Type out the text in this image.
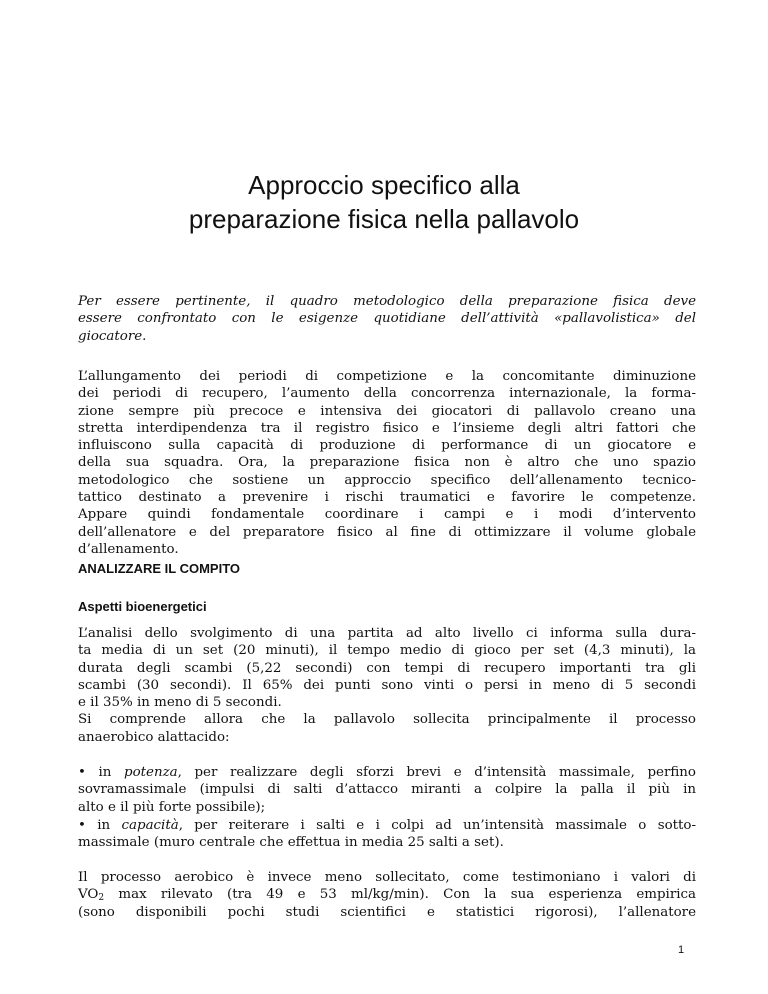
Approccio specifico alla
preparazione fisica nella pallavolo
Per essere pertinente, il quadro metodologico della preparazione fisica deve
essere confrontato con le esigenze quotidiane dell’attività «pallavolistica» del
giocatore.
L’allungamento dei periodi di competizione e la concomitante diminuzione
dei periodi di recupero, l’aumento della concorrenza internazionale, la forma-
zione sempre più precoce e intensiva dei giocatori di pallavolo creano una
stretta interdipendenza tra il registro fisico e l’insieme degli altri fattori che
influiscono sulla capacità di produzione di performance di un giocatore e
della sua squadra. Ora, la preparazione fisica non è altro che uno spazio
metodologico che sostiene un approccio specifico dell’allenamento tecnico-
tattico destinato a prevenire i rischi traumatici e favorire le competenze.
Appare quindi fondamentale coordinare i campi e i modi d’intervento
dell’allenatore e del preparatore fisico al fine di ottimizzare il volume globale
d’allenamento.
ANALIZZARE IL COMPITO
Aspetti bioenergetici
L’analisi dello svolgimento di una partita ad alto livello ci informa sulla dura-
ta media di un set (20 minuti), il tempo medio di gioco per set (4,3 minuti), la
durata degli scambi (5,22 secondi) con tempi di recupero importanti tra gli
scambi (30 secondi). Il 65% dei punti sono vinti o persi in meno di 5 secondi
e il 35% in meno di 5 secondi.
Si comprende allora che la pallavolo sollecita principalmente il processo
anaerobico alattacido:
• in potenza, per realizzare degli sforzi brevi e d’intensità massimale, perfino
sovramassimale (impulsi di salti d’attacco miranti a colpire la palla il più in
alto e il più forte possibile);
• in capacità, per reiterare i salti e i colpi ad un’intensità massimale o sotto-
massimale (muro centrale che effettua in media 25 salti a set).
Il processo aerobico è invece meno sollecitato, come testimoniano i valori di
$VO_2$ max rilevato (tra 49 e 53 ml/kg/min). Con la sua esperienza empirica
(sono disponibili pochi studi scientifici e statistici rigorosi), l’allenatore
1
